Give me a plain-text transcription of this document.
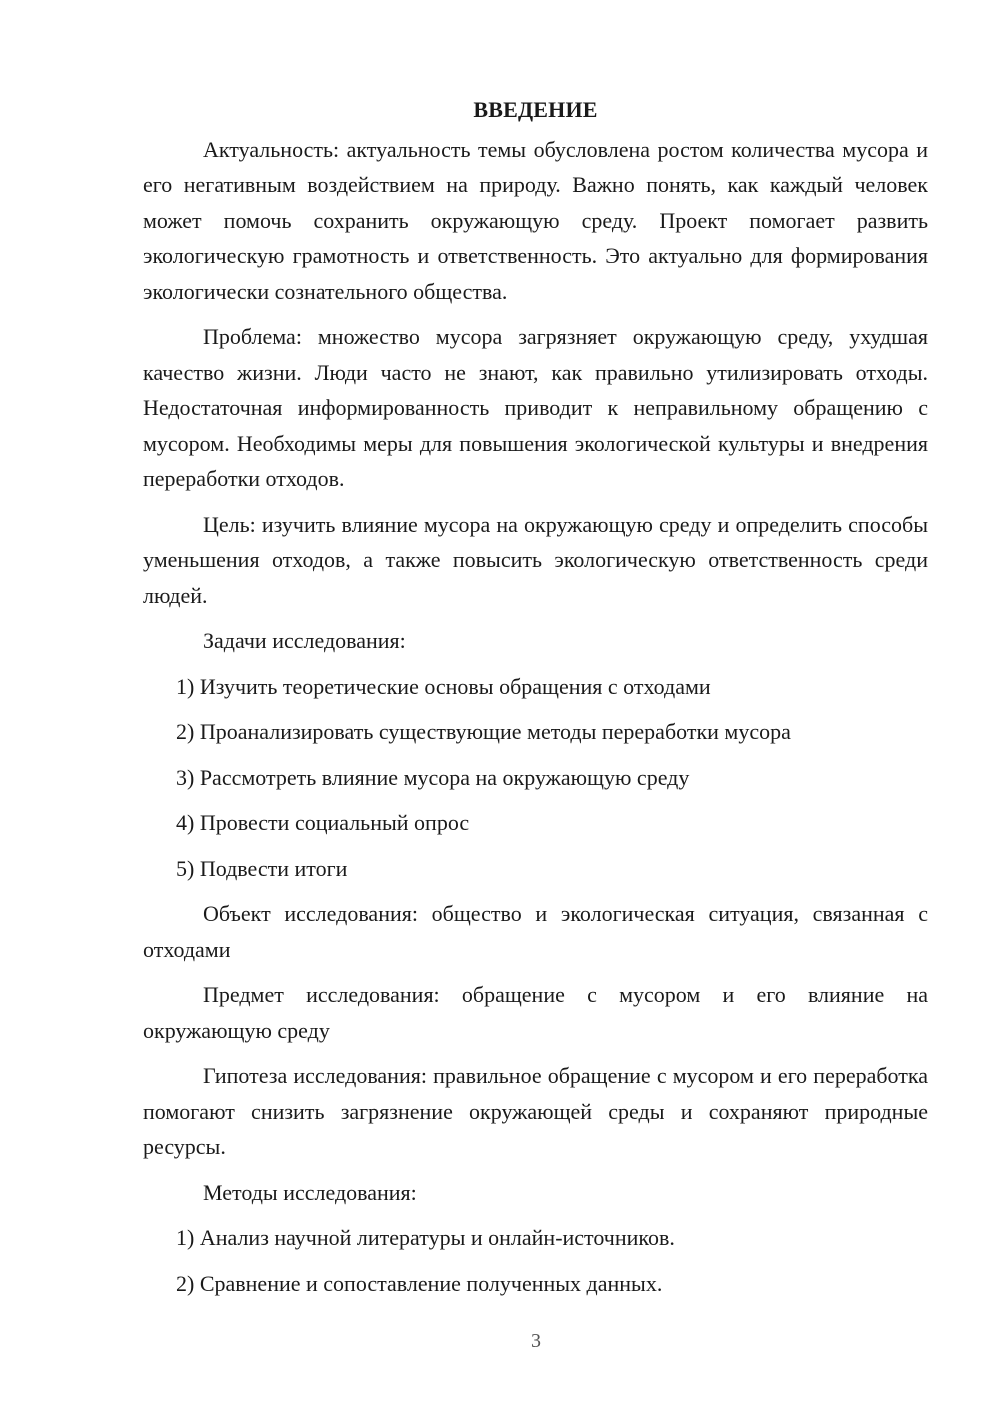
ВВЕДЕНИЕ

Актуальность: актуальность темы обусловлена ростом количества мусора и его негативным воздействием на природу. Важно понять, как каждый человек может помочь сохранить окружающую среду. Проект помогает развить экологическую грамотность и ответственность. Это актуально для формирования экологически сознательного общества.

Проблема: множество мусора загрязняет окружающую среду, ухудшая качество жизни. Люди часто не знают, как правильно утилизировать отходы. Недостаточная информированность приводит к неправильному обращению с мусором. Необходимы меры для повышения экологической культуры и внедрения переработки отходов.

Цель: изучить влияние мусора на окружающую среду и определить способы уменьшения отходов, а также повысить экологическую ответственность среди людей.

Задачи исследования:

1) Изучить теоретические основы обращения с отходами
2) Проанализировать существующие методы переработки мусора
3) Рассмотреть влияние мусора на окружающую среду
4) Провести социальный опрос
5) Подвести итоги

Объект исследования: общество и экологическая ситуация, связанная с отходами

Предмет исследования: обращение с мусором и его влияние на окружающую среду

Гипотеза исследования: правильное обращение с мусором и его переработка помогают снизить загрязнение окружающей среды и сохраняют природные ресурсы.

Методы исследования:

1) Анализ научной литературы и онлайн-источников.
2) Сравнение и сопоставление полученных данных.
3
